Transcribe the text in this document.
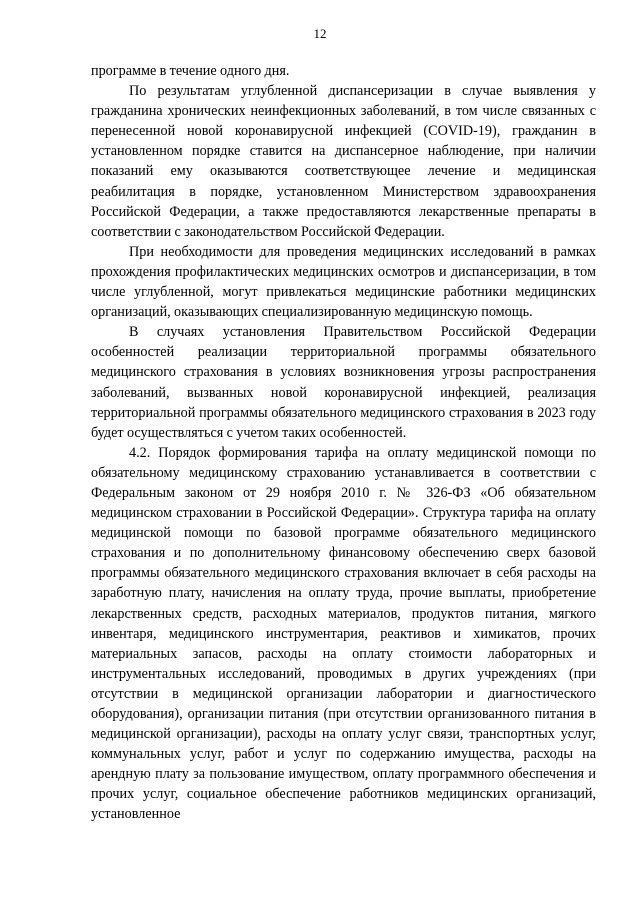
12

программе в течение одного дня.

По результатам углубленной диспансеризации в случае выявления у гражданина хронических неинфекционных заболеваний, в том числе связанных с перенесенной новой коронавирусной инфекцией (COVID-19), гражданин в установленном порядке ставится на диспансерное наблюдение, при наличии показаний ему оказываются соответствующее лечение и медицинская реабилитация в порядке, установленном Министерством здравоохранения Российской Федерации, а также предоставляются лекарственные препараты в соответствии с законодательством Российской Федерации.

При необходимости для проведения медицинских исследований в рамках прохождения профилактических медицинских осмотров и диспансеризации, в том числе углубленной, могут привлекаться медицинские работники медицинских организаций, оказывающих специализированную медицинскую помощь.

В случаях установления Правительством Российской Федерации особенностей реализации территориальной программы обязательного медицинского страхования в условиях возникновения угрозы распространения заболеваний, вызванных новой коронавирусной инфекцией, реализация территориальной программы обязательного медицинского страхования в 2023 году будет осуществляться с учетом таких особенностей.

4.2. Порядок формирования тарифа на оплату медицинской помощи по обязательному медицинскому страхованию устанавливается в соответствии с Федеральным законом от 29 ноября 2010 г. № 326-ФЗ «Об обязательном медицинском страховании в Российской Федерации». Структура тарифа на оплату медицинской помощи по базовой программе обязательного медицинского страхования и по дополнительному финансовому обеспечению сверх базовой программы обязательного медицинского страхования включает в себя расходы на заработную плату, начисления на оплату труда, прочие выплаты, приобретение лекарственных средств, расходных материалов, продуктов питания, мягкого инвентаря, медицинского инструментария, реактивов и химикатов, прочих материальных запасов, расходы на оплату стоимости лабораторных и инструментальных исследований, проводимых в других учреждениях (при отсутствии в медицинской организации лаборатории и диагностического оборудования), организации питания (при отсутствии организованного питания в медицинской организации), расходы на оплату услуг связи, транспортных услуг, коммунальных услуг, работ и услуг по содержанию имущества, расходы на арендную плату за пользование имуществом, оплату программного обеспечения и прочих услуг, социальное обеспечение работников медицинских организаций, установленное
